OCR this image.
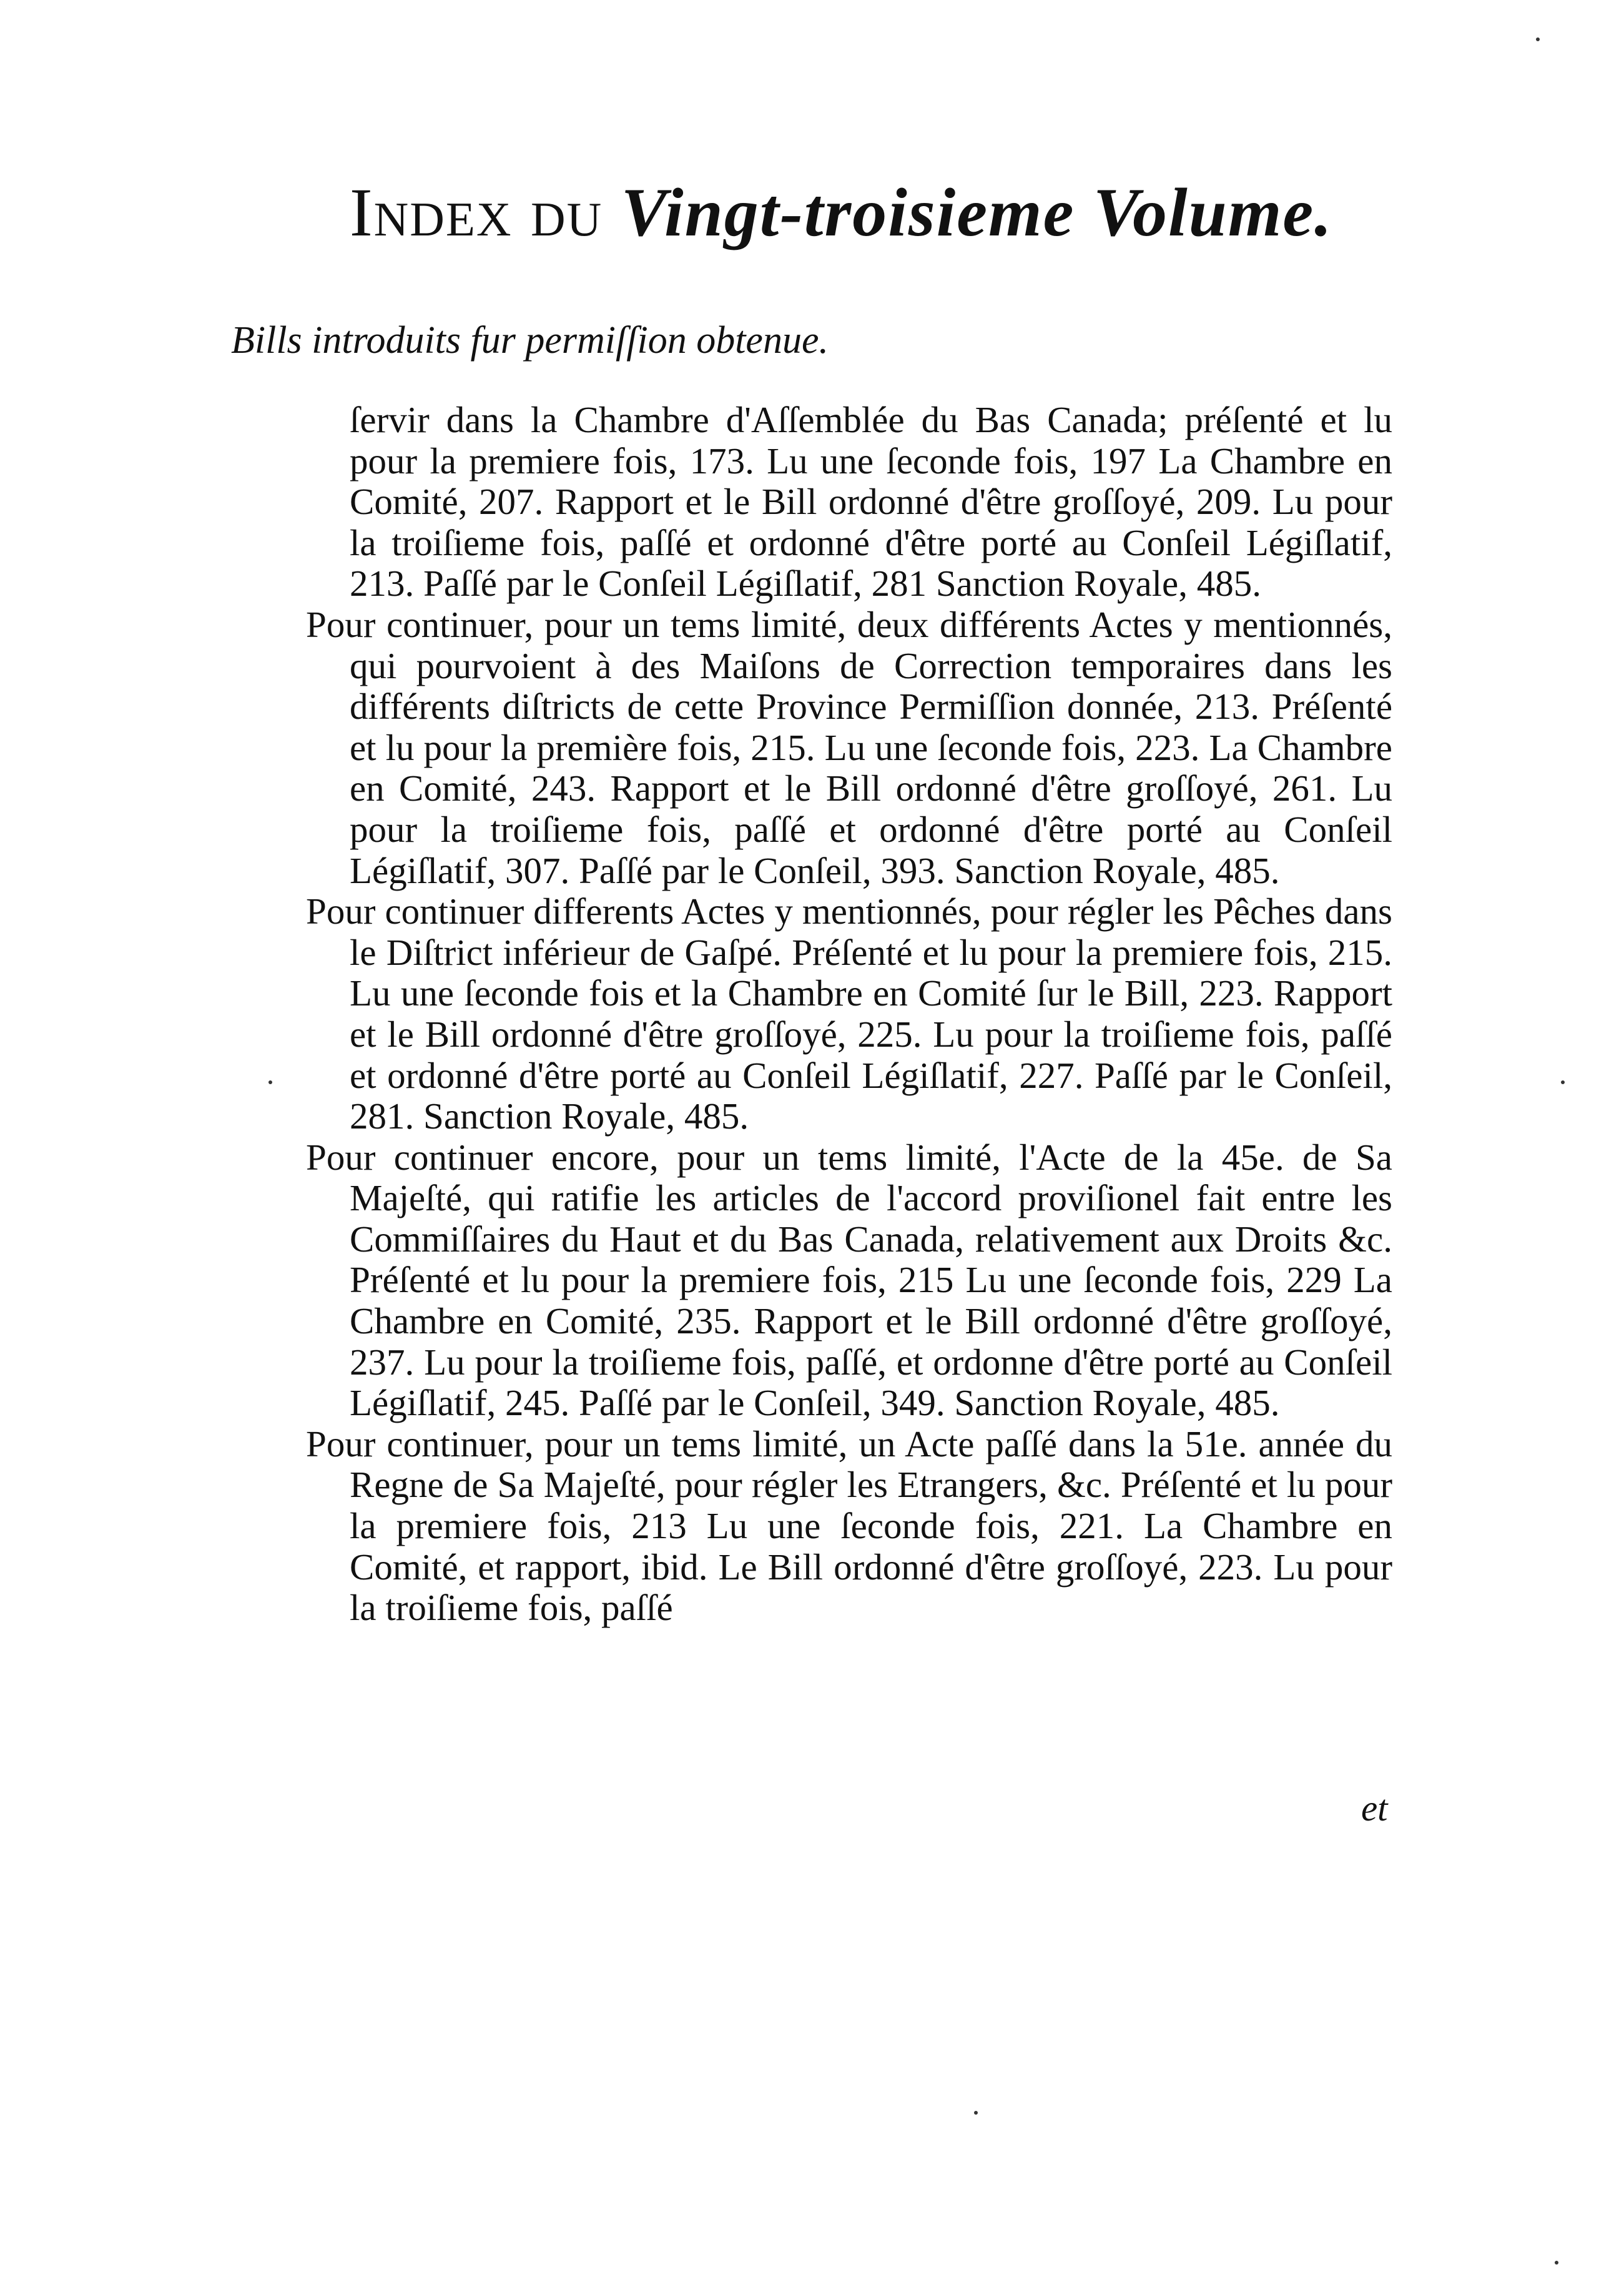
Index du Vingt-troisieme Volume.
Bills introduits fur permiſſion obtenue.

ſervir dans la Chambre d'Aſſemblée du Bas Canada; préſenté et lu pour la premiere fois, 173. Lu une ſeconde fois, 197 La Chambre en Comité, 207. Rapport et le Bill ordonné d'être groſſoyé, 209. Lu pour la troiſieme fois, paſſé et ordonné d'être porté au Conſeil Légiſlatif, 213. Paſſé par le Conſeil Légiſlatif, 281 Sanction Royale, 485.

Pour continuer, pour un tems limité, deux différents Actes y mentionnés, qui pourvoient à des Maiſons de Correction temporaires dans les différents diſtricts de cette Province Permiſſion donnée, 213. Préſenté et lu pour la première fois, 215. Lu une ſeconde fois, 223. La Chambre en Comité, 243. Rapport et le Bill ordonné d'être groſſoyé, 261. Lu pour la troiſieme fois, paſſé et ordonné d'être porté au Conſeil Légiſlatif, 307. Paſſé par le Conſeil, 393. Sanction Royale, 485.

Pour continuer differents Actes y mentionnés, pour régler les Pêches dans le Diſtrict inférieur de Gaſpé. Préſenté et lu pour la premiere fois, 215. Lu une ſeconde fois et la Chambre en Comité ſur le Bill, 223. Rapport et le Bill ordonné d'être groſſoyé, 225. Lu pour la troiſieme fois, paſſé et ordonné d'être porté au Conſeil Légiſlatif, 227. Paſſé par le Conſeil, 281. Sanction Royale, 485.

Pour continuer encore, pour un tems limité, l'Acte de la 45e. de Sa Majeſté, qui ratifie les articles de l'accord proviſionel fait entre les Commiſſaires du Haut et du Bas Canada, relativement aux Droits &c. Préſenté et lu pour la premiere fois, 215 Lu une ſeconde fois, 229 La Chambre en Comité, 235. Rapport et le Bill ordonné d'être groſſoyé, 237. Lu pour la troiſieme fois, paſſé, et ordonne d'être porté au Conſeil Légiſlatif, 245. Paſſé par le Conſeil, 349. Sanction Royale, 485.

Pour continuer, pour un tems limité, un Acte paſſé dans la 51e. année du Regne de Sa Majeſté, pour régler les Etrangers, &c. Préſenté et lu pour la premiere fois, 213 Lu une ſeconde fois, 221. La Chambre en Comité, et rapport, ibid. Le Bill ordonné d'être groſſoyé, 223. Lu pour la troiſieme fois, paſſé

et
